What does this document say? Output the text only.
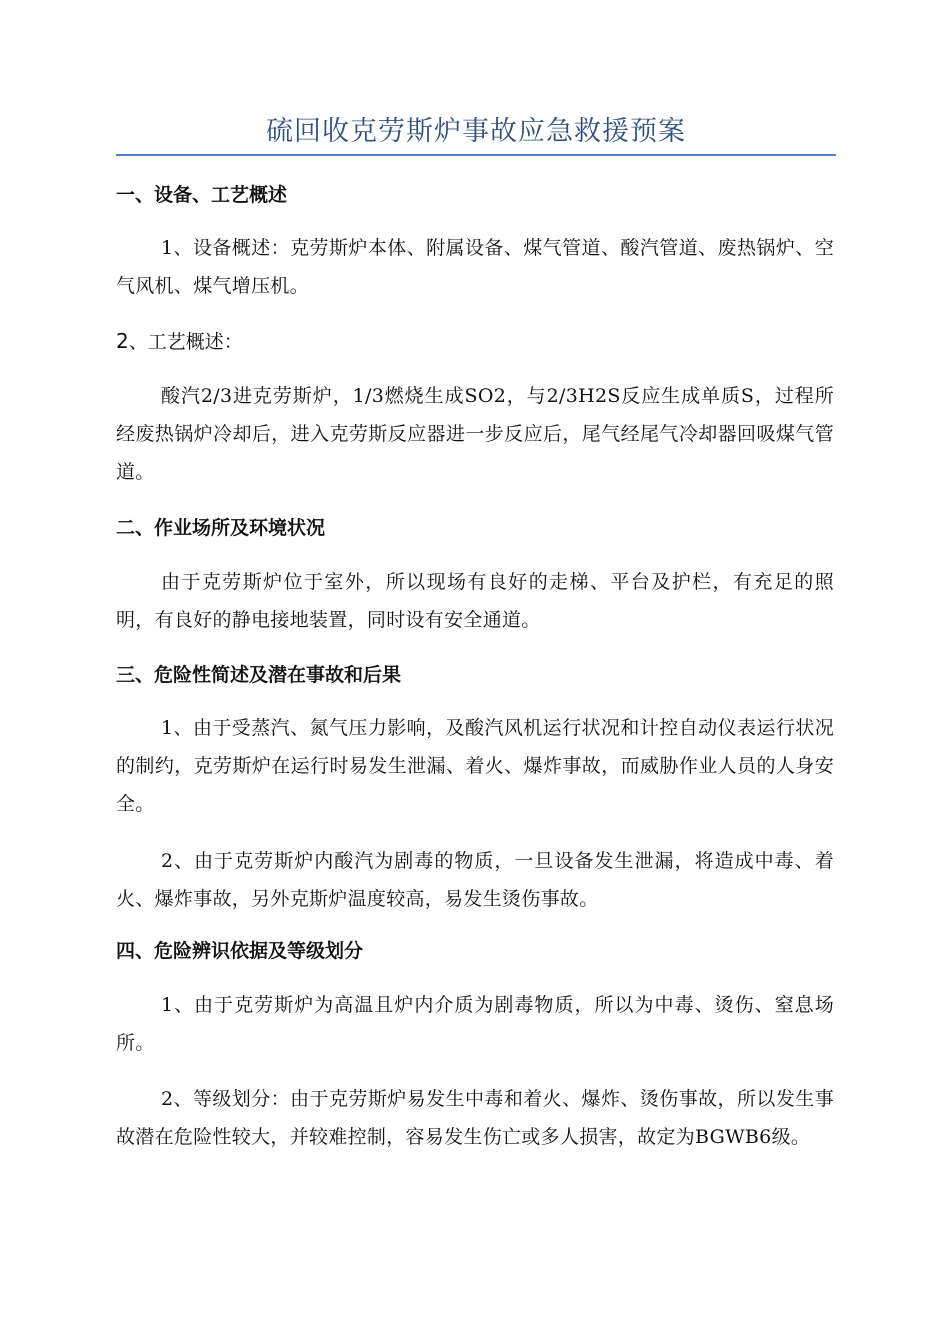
硫回收克劳斯炉事故应急救援预案
一、设备、工艺概述

1、设备概述：克劳斯炉本体、附属设备、煤气管道、酸汽管道、废热锅炉、空气风机、煤气增压机。

2、工艺概述：

酸汽2/3进克劳斯炉，1/3燃烧生成SO2，与2/3H2S反应生成单质S，过程所经废热锅炉冷却后，进入克劳斯反应器进一步反应后，尾气经尾气冷却器回吸煤气管道。

二、作业场所及环境状况

由于克劳斯炉位于室外，所以现场有良好的走梯、平台及护栏，有充足的照明，有良好的静电接地装置，同时设有安全通道。

三、危险性简述及潜在事故和后果

1、由于受蒸汽、氮气压力影响，及酸汽风机运行状况和计控自动仪表运行状况的制约，克劳斯炉在运行时易发生泄漏、着火、爆炸事故，而威胁作业人员的人身安全。

2、由于克劳斯炉内酸汽为剧毒的物质，一旦设备发生泄漏，将造成中毒、着火、爆炸事故，另外克斯炉温度较高，易发生烫伤事故。

四、危险辨识依据及等级划分

1、由于克劳斯炉为高温且炉内介质为剧毒物质，所以为中毒、烫伤、窒息场所。

2、等级划分：由于克劳斯炉易发生中毒和着火、爆炸、烫伤事故，所以发生事故潜在危险性较大，并较难控制，容易发生伤亡或多人损害，故定为BGWB6级。
